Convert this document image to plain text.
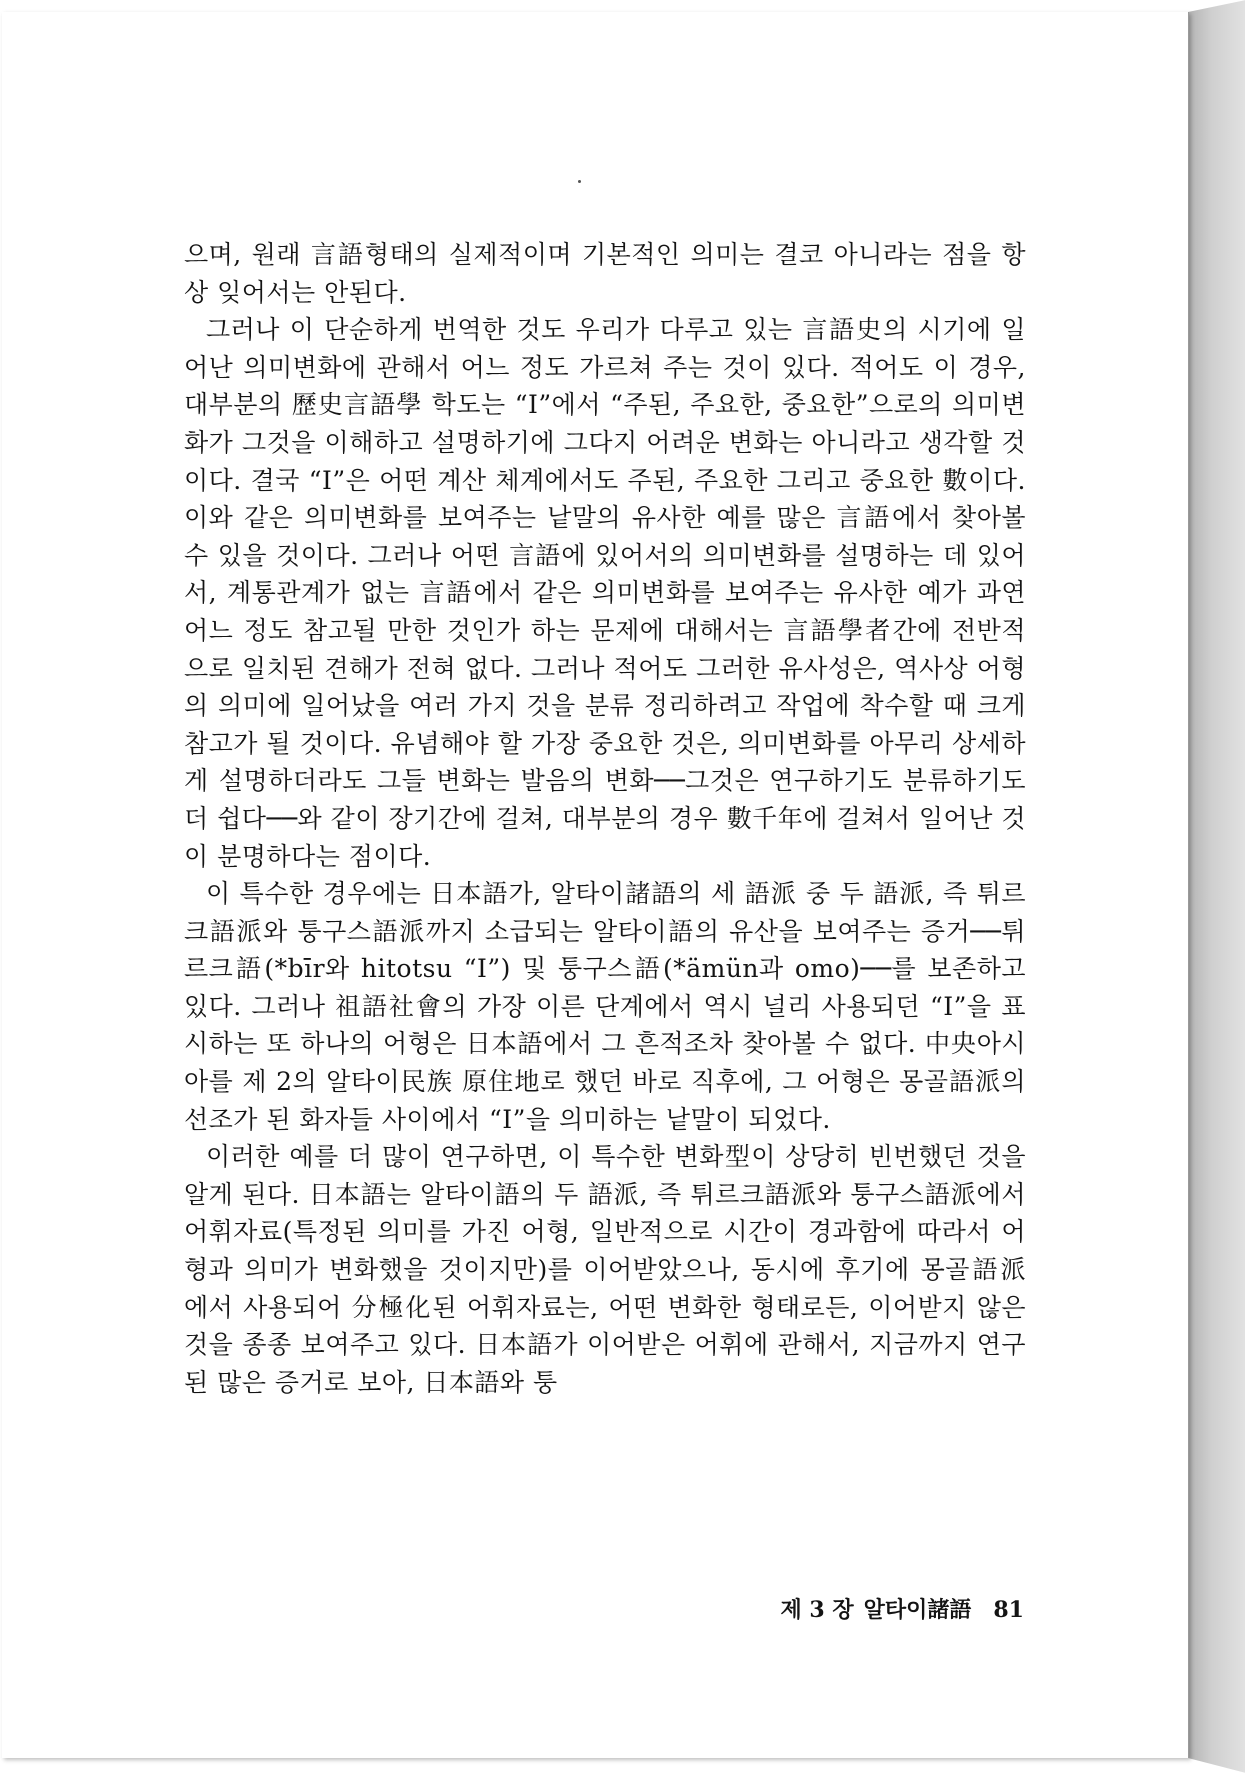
으며, 원래 言語형태의 실제적이며 기본적인 의미는 결코 아니라는 점을 항상 잊어서는 안된다.

그러나 이 단순하게 번역한 것도 우리가 다루고 있는 言語史의 시기에 일어난 의미변화에 관해서 어느 정도 가르쳐 주는 것이 있다. 적어도 이 경우, 대부분의 歷史言語學 학도는 “I”에서 “주된, 주요한, 중요한”으로의 의미변화가 그것을 이해하고 설명하기에 그다지 어려운 변화는 아니라고 생각할 것이다. 결국 “I”은 어떤 계산 체계에서도 주된, 주요한 그리고 중요한 數이다. 이와 같은 의미변화를 보여주는 낱말의 유사한 예를 많은 言語에서 찾아볼 수 있을 것이다. 그러나 어떤 言語에 있어서의 의미변화를 설명하는 데 있어서, 계통관계가 없는 言語에서 같은 의미변화를 보여주는 유사한 예가 과연 어느 정도 참고될 만한 것인가 하는 문제에 대해서는 言語學者간에 전반적으로 일치된 견해가 전혀 없다. 그러나 적어도 그러한 유사성은, 역사상 어형의 의미에 일어났을 여러 가지 것을 분류 정리하려고 작업에 착수할 때 크게 참고가 될 것이다. 유념해야 할 가장 중요한 것은, 의미변화를 아무리 상세하게 설명하더라도 그들 변화는 발음의 변화──그것은 연구하기도 분류하기도 더 쉽다──와 같이 장기간에 걸쳐, 대부분의 경우 數千年에 걸쳐서 일어난 것이 분명하다는 점이다.

이 특수한 경우에는 日本語가, 알타이諸語의 세 語派 중 두 語派, 즉 튀르크語派와 퉁구스語派까지 소급되는 알타이語의 유산을 보여주는 증거──튀르크語(*bīr와 hitotsu “I”) 및 퉁구스語(*ämün과 omo)──를 보존하고 있다. 그러나 祖語社會의 가장 이른 단계에서 역시 널리 사용되던 “I”을 표시하는 또 하나의 어형은 日本語에서 그 흔적조차 찾아볼 수 없다. 中央아시아를 제 2의 알타이民族 原住地로 했던 바로 직후에, 그 어형은 몽골語派의 선조가 된 화자들 사이에서 “I”을 의미하는 낱말이 되었다.

이러한 예를 더 많이 연구하면, 이 특수한 변화型이 상당히 빈번했던 것을 알게 된다. 日本語는 알타이語의 두 語派, 즉 튀르크語派와 퉁구스語派에서 어휘자료(특정된 의미를 가진 어형, 일반적으로 시간이 경과함에 따라서 어형과 의미가 변화했을 것이지만)를 이어받았으나, 동시에 후기에 몽골語派에서 사용되어 分極化된 어휘자료는, 어떤 변화한 형태로든, 이어받지 않은 것을 종종 보여주고 있다. 日本語가 이어받은 어휘에 관해서, 지금까지 연구된 많은 증거로 보아, 日本語와 퉁

제 3 장 알타이諸語 81
